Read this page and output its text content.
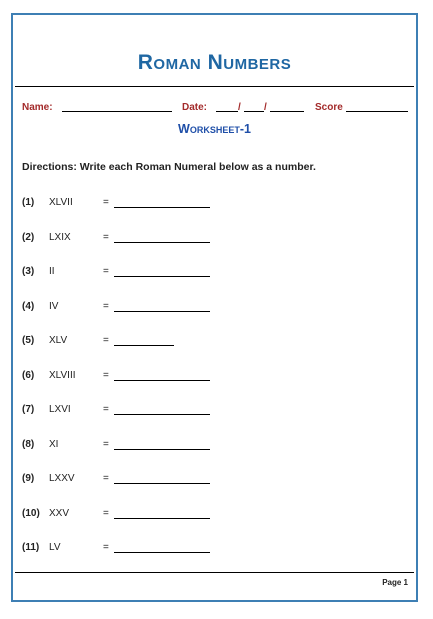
Roman Numbers
Name:	Date:	/ /	Score
Worksheet-1
Directions: Write each Roman Numeral below as a number.
(1) XLVII	=
(2) LXIX	=
(3) II	=
(4) IV	=
(5) XLV	=
(6) XLVIII	=
(7) LXVI	=
(8) XI	=
(9) LXXV	=
(10) XXV	=
(11) LV	=
Page 1
